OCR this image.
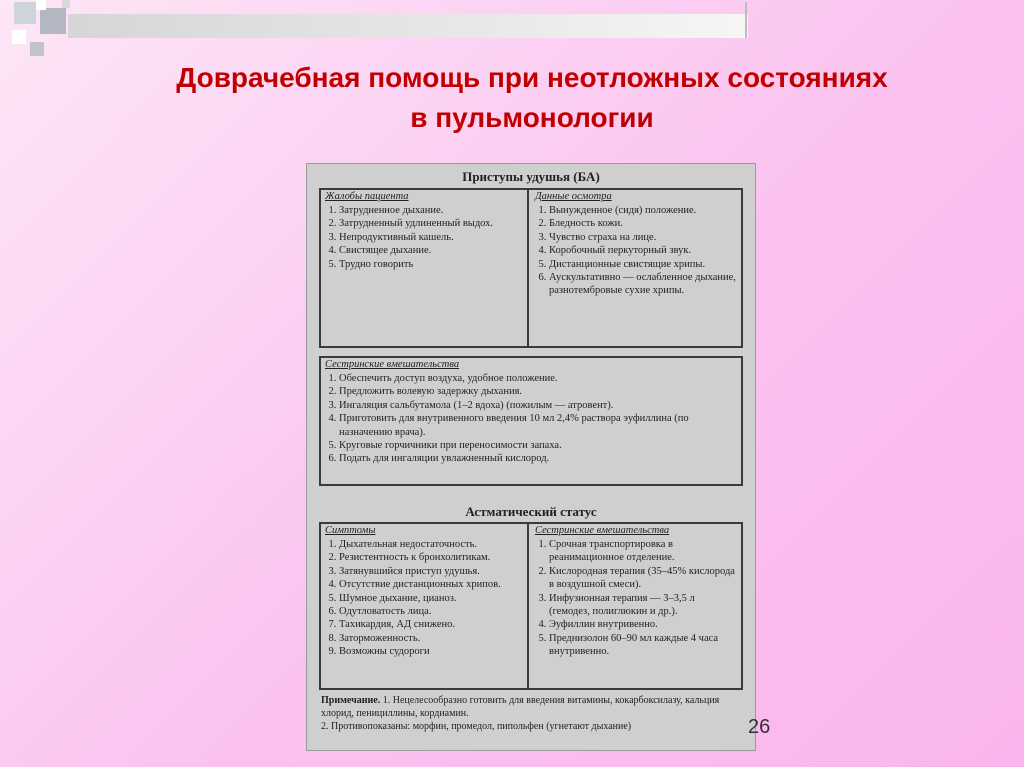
Доврачебная помощь при неотложных состояниях
в пульмонологии
Приступы удушья (БА)
Жалобы пациента
1. Затрудненное дыхание.
2. Затрудненный удлиненный выдох.
3. Непродуктивный кашель.
4. Свистящее дыхание.
5. Трудно говорить
Данные осмотра
1. Вынужденное (сидя) положение.
2. Бледность кожи.
3. Чувство страха на лице.
4. Коробочный перкуторный звук.
5. Дистанционные свистящие хрипы.
6. Аускультативно — ослабленное дыхание, разнотембровые сухие хрипы.
Сестринские вмешательства
1. Обеспечить доступ воздуха, удобное положение.
2. Предложить волевую задержку дыхания.
3. Ингаляция сальбутамола (1–2 вдоха) (пожилым — атровент).
4. Приготовить для внутривенного введения 10 мл 2,4% раствора эуфиллина (по назначению врача).
5. Круговые горчичники при переносимости запаха.
6. Подать для ингаляции увлажненный кислород.
Астматический статус
Симптомы
1. Дыхательная недостаточность.
2. Резистентность к бронхолитикам.
3. Затянувшийся приступ удушья.
4. Отсутствие дистанционных хрипов.
5. Шумное дыхание, цианоз.
6. Одутловатость лица.
7. Тахикардия, АД снижено.
8. Заторможенность.
9. Возможны судороги
Сестринские вмешательства
1. Срочная транспортировка в реанимационное отделение.
2. Кислородная терапия (35–45% кислорода в воздушной смеси).
3. Инфузионная терапия — 3–3,5 л (гемодез, полиглюкин и др.).
4. Эуфиллин внутривенно.
5. Преднизолон 60–90 мл каждые 4 часа внутривенно.
Примечание. 1. Нецелесообразно готовить для введения витамины, кокарбоксилазу, кальция хлорид, пенициллины, кордиамин.
2. Противопоказаны: морфин, промедол, пипольфен (угнетают дыхание)	26
